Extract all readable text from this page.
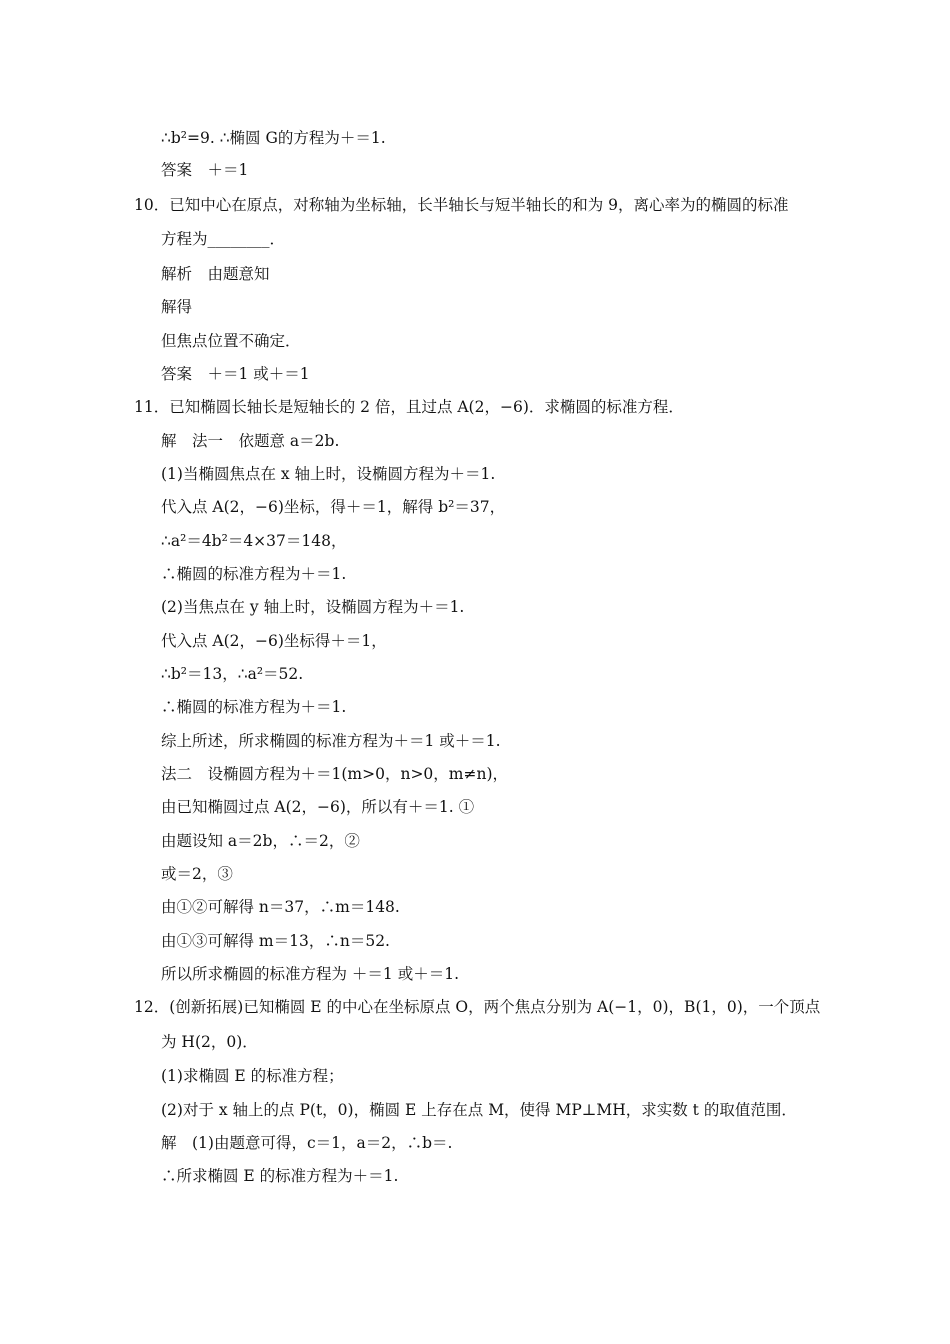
∴b²=9. ∴椭圆 G的方程为＋＝1.
答案　＋＝1
10．已知中心在原点，对称轴为坐标轴，长半轴长与短半轴长的和为 9，离心率为的椭圆的标准
方程为________．
解析　由题意知
解得
但焦点位置不确定．
答案　＋＝1 或＋＝1
11．已知椭圆长轴长是短轴长的 2 倍，且过点 A(2，−6)．求椭圆的标准方程．
解　法一　依题意 a＝2b.
(1)当椭圆焦点在 x 轴上时，设椭圆方程为＋＝1.
代入点 A(2，−6)坐标，得＋＝1，解得 b²＝37，
∴a²＝4b²＝4×37＝148，
∴椭圆的标准方程为＋＝1.
(2)当焦点在 y 轴上时，设椭圆方程为＋＝1.
代入点 A(2，−6)坐标得＋＝1，
∴b²＝13，∴a²＝52.
∴椭圆的标准方程为＋＝1.
综上所述，所求椭圆的标准方程为＋＝1 或＋＝1.
法二　设椭圆方程为＋＝1(m>0，n>0，m≠n)，
由已知椭圆过点 A(2，−6)，所以有＋＝1. ①
由题设知 a＝2b，∴＝2，②
或＝2，③
由①②可解得 n＝37，∴m＝148.
由①③可解得 m＝13，∴n＝52.
所以所求椭圆的标准方程为 ＋＝1 或＋＝1.
12．(创新拓展)已知椭圆 E 的中心在坐标原点 O，两个焦点分别为 A(−1，0)，B(1，0)，一个顶点
为 H(2，0)．
(1)求椭圆 E 的标准方程；
(2)对于 x 轴上的点 P(t，0)，椭圆 E 上存在点 M，使得 MP⊥MH，求实数 t 的取值范围．
解　(1)由题意可得，c＝1，a＝2，∴b＝.
∴所求椭圆 E 的标准方程为＋＝1.
